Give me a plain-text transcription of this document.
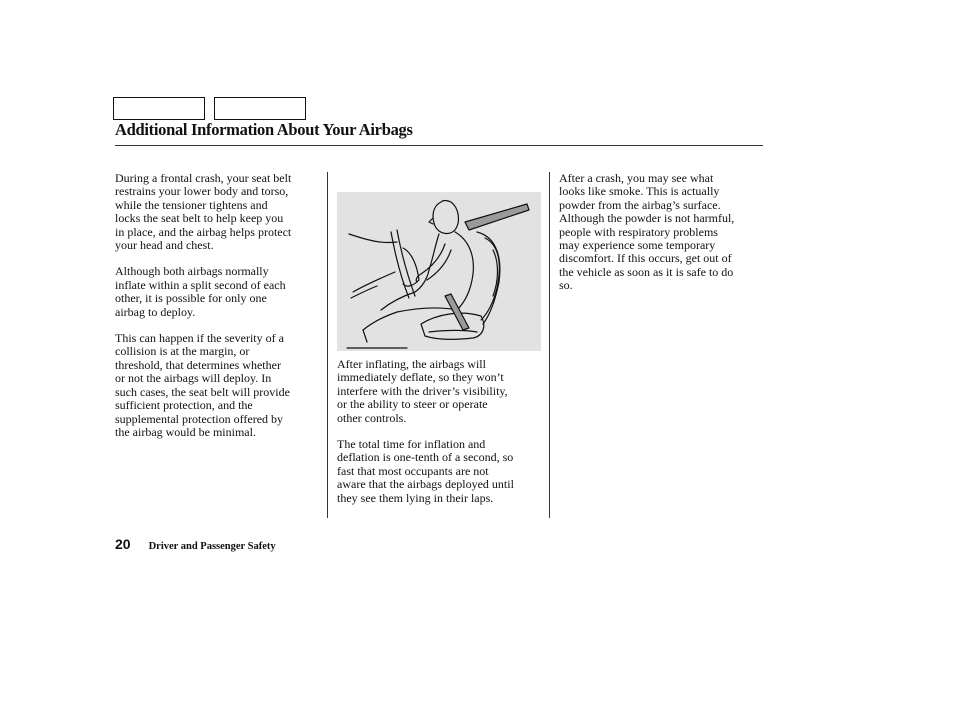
Additional Information About Your Airbags

During a frontal crash, your seat belt
restrains your lower body and torso,
while the tensioner tightens and
locks the seat belt to help keep you
in place, and the airbag helps protect
your head and chest.

Although both airbags normally
inflate within a split second of each
other, it is possible for only one
airbag to deploy.

This can happen if the severity of a
collision is at the margin, or
threshold, that determines whether
or not the airbags will deploy. In
such cases, the seat belt will provide
sufficient protection, and the
supplemental protection offered by
the airbag would be minimal.

After inflating, the airbags will
immediately deflate, so they won’t
interfere with the driver’s visibility,
or the ability to steer or operate
other controls.

The total time for inflation and
deflation is one-tenth of a second, so
fast that most occupants are not
aware that the airbags deployed until
they see them lying in their laps.

After a crash, you may see what
looks like smoke. This is actually
powder from the airbag’s surface.
Although the powder is not harmful,
people with respiratory problems
may experience some temporary
discomfort. If this occurs, get out of
the vehicle as soon as it is safe to do
so.

20 Driver and Passenger Safety
